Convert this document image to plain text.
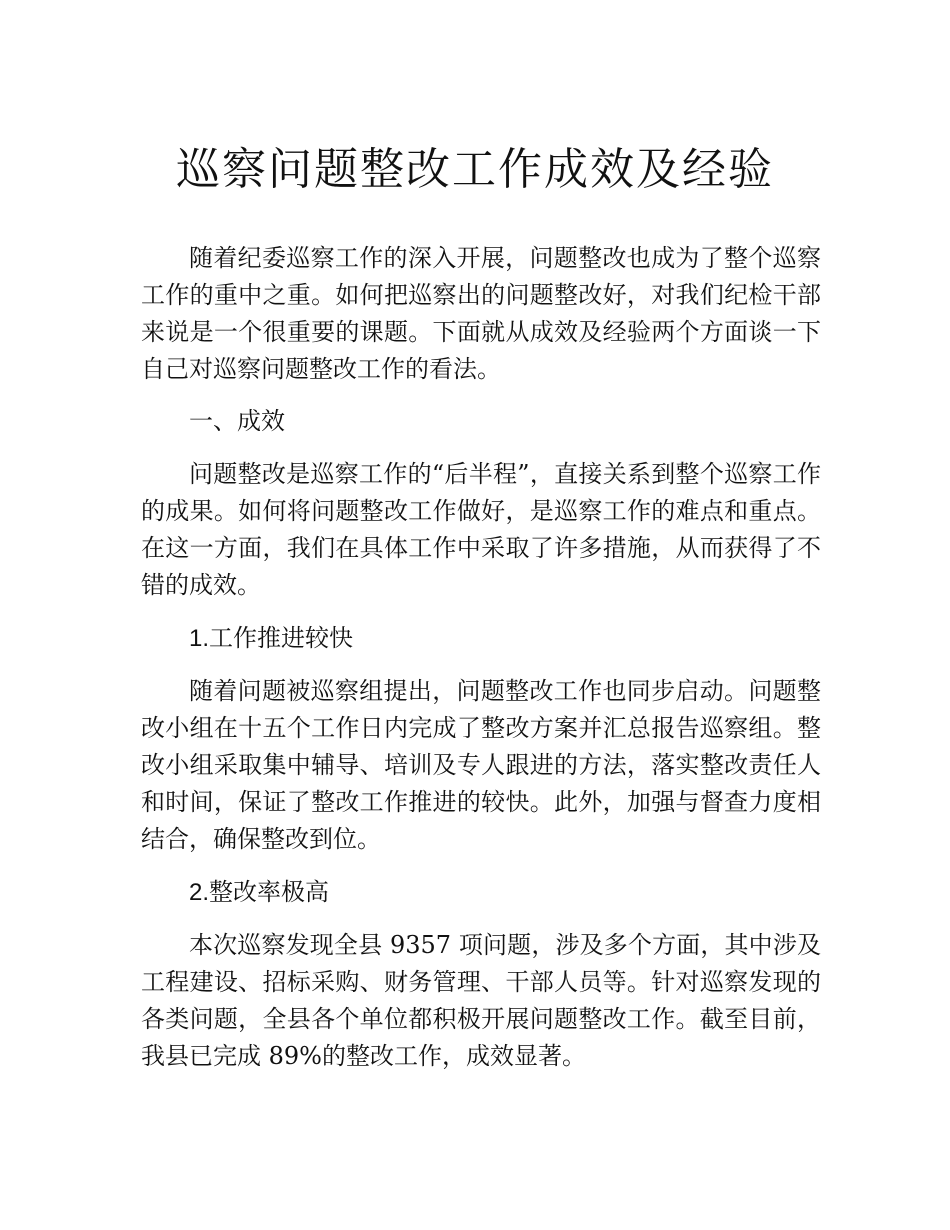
巡察问题整改工作成效及经验

随着纪委巡察工作的深入开展，问题整改也成为了整个巡察工作的重中之重。如何把巡察出的问题整改好，对我们纪检干部来说是一个很重要的课题。下面就从成效及经验两个方面谈一下自己对巡察问题整改工作的看法。

一、成效

问题整改是巡察工作的“后半程”，直接关系到整个巡察工作的成果。如何将问题整改工作做好，是巡察工作的难点和重点。在这一方面，我们在具体工作中采取了许多措施，从而获得了不错的成效。

1.工作推进较快

随着问题被巡察组提出，问题整改工作也同步启动。问题整改小组在十五个工作日内完成了整改方案并汇总报告巡察组。整改小组采取集中辅导、培训及专人跟进的方法，落实整改责任人和时间，保证了整改工作推进的较快。此外，加强与督查力度相结合，确保整改到位。

2.整改率极高

本次巡察发现全县 9357 项问题，涉及多个方面，其中涉及工程建设、招标采购、财务管理、干部人员等。针对巡察发现的各类问题，全县各个单位都积极开展问题整改工作。截至目前，我县已完成 89%的整改工作，成效显著。
